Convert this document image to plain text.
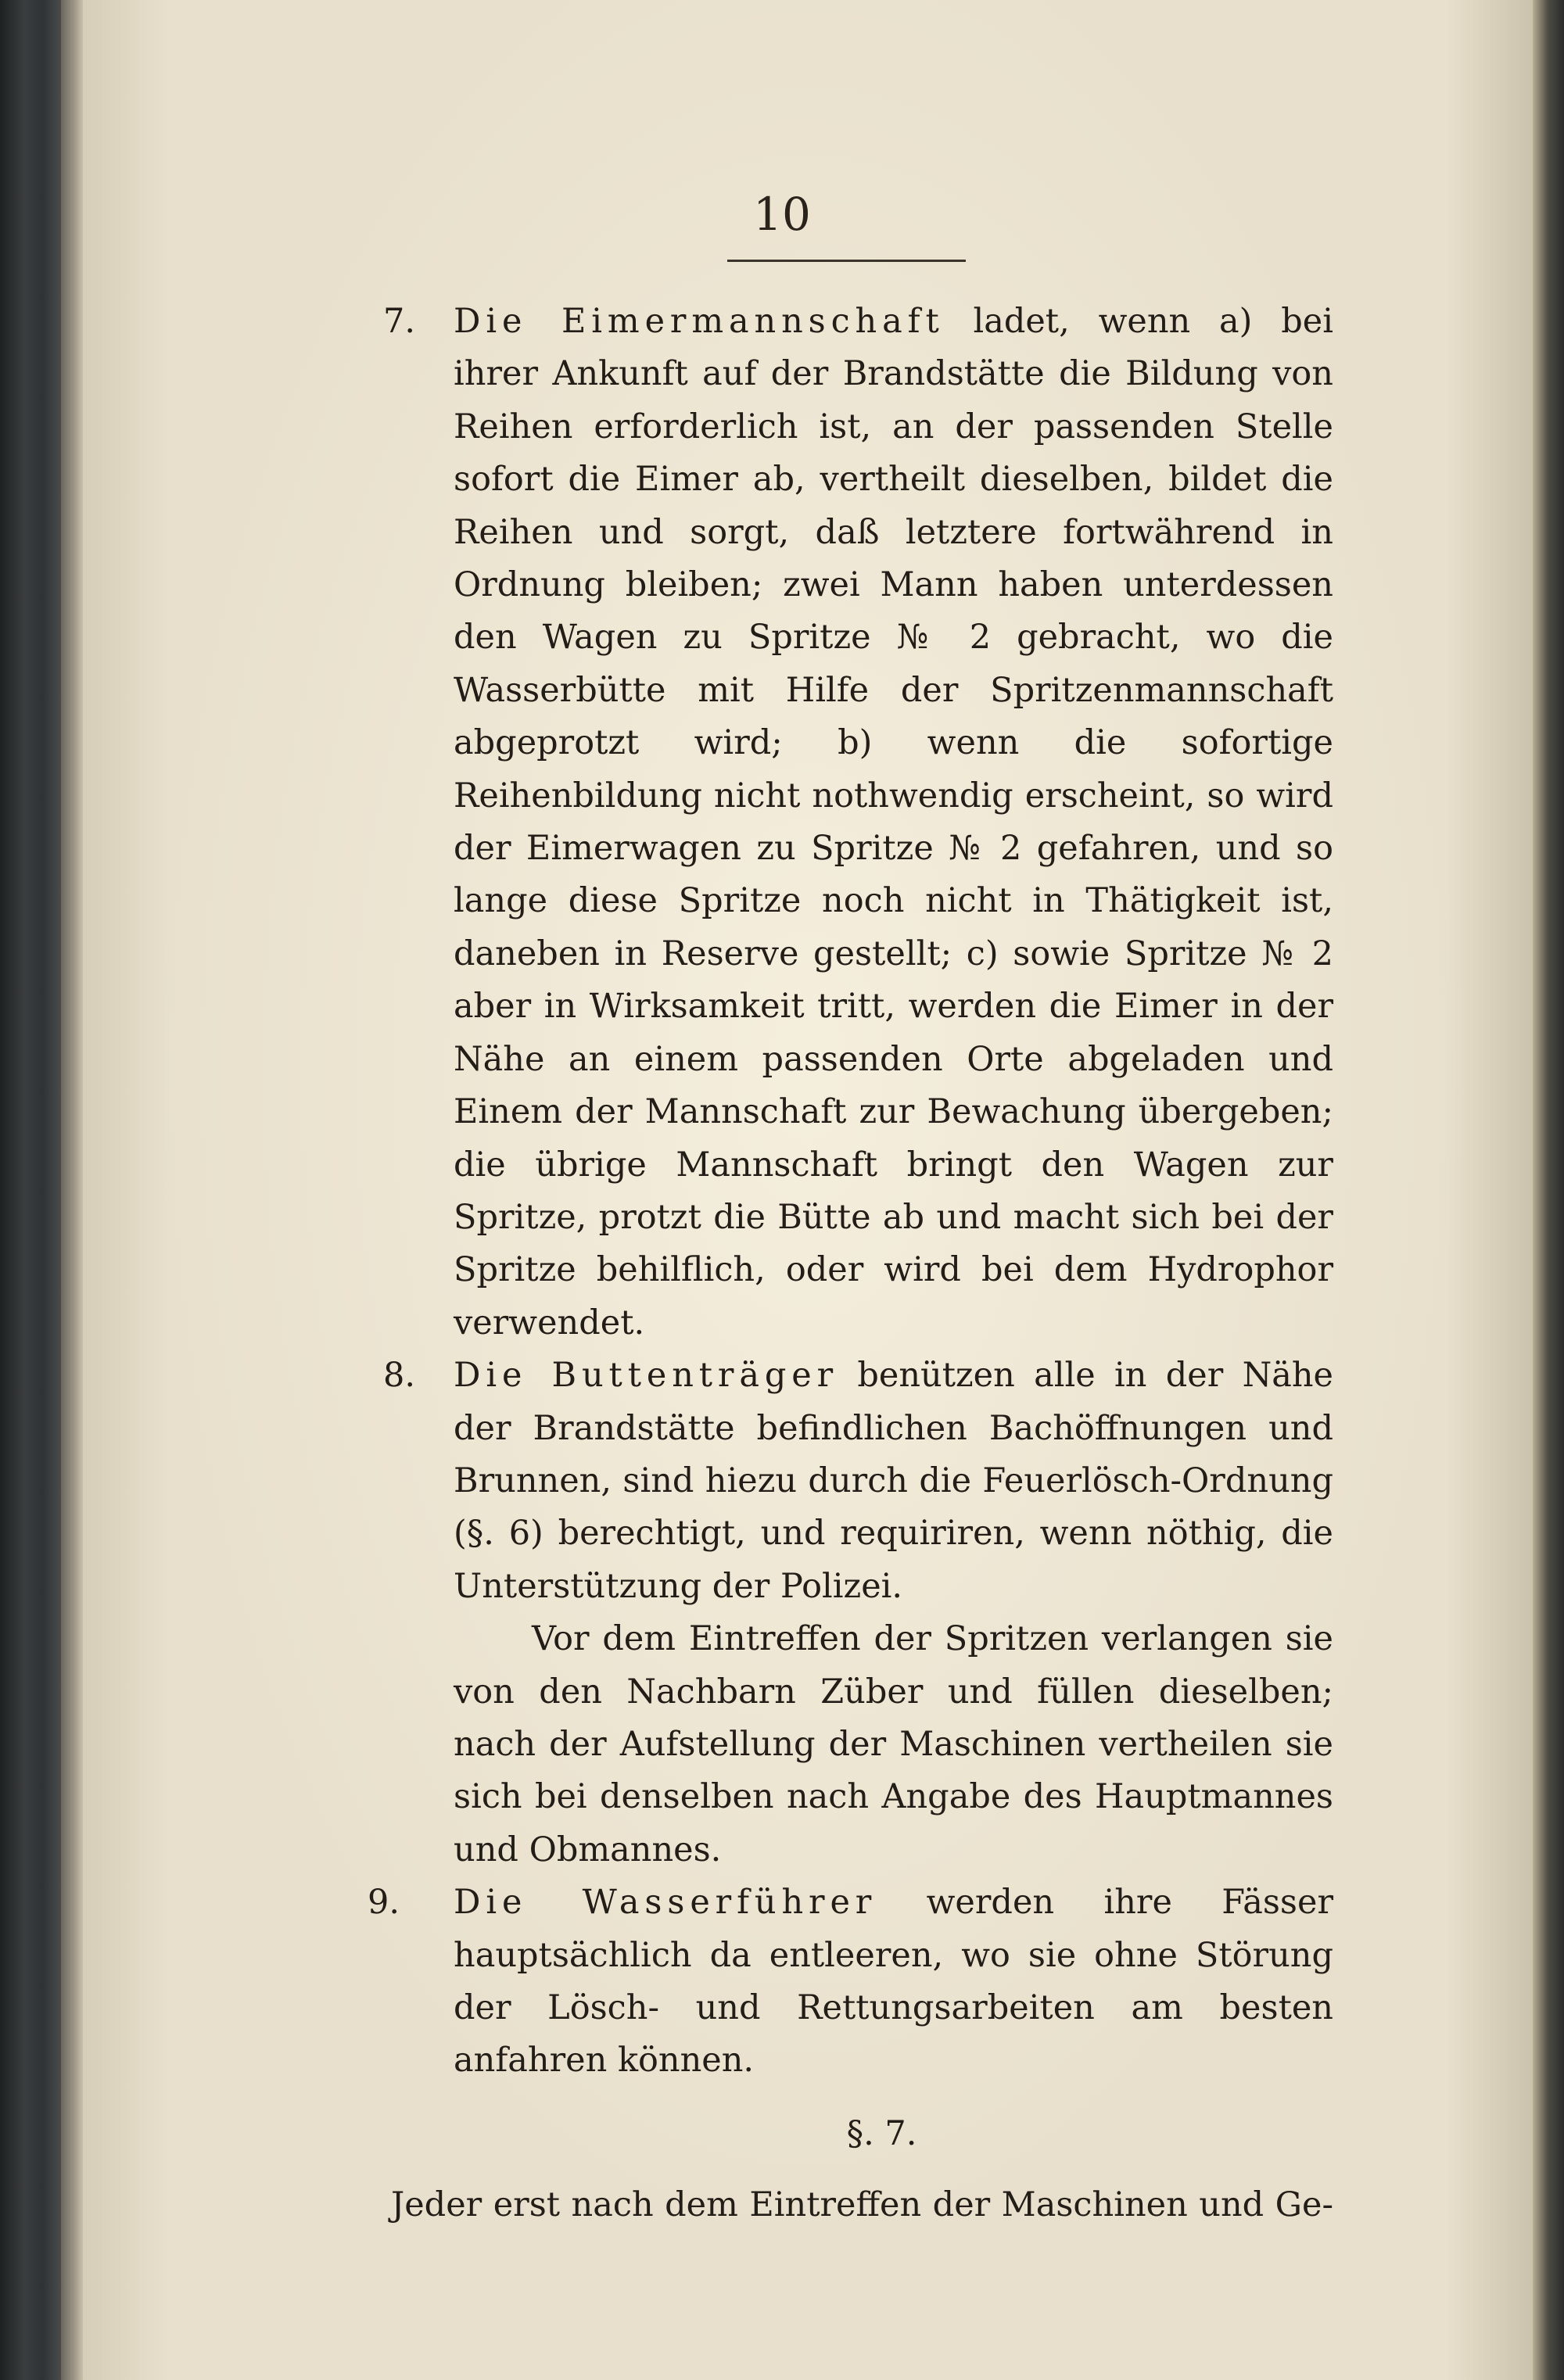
10
7.	Die Eimermannschaft ladet, wenn a) bei ihrer Ankunft auf der Brandstätte die Bildung von Reihen erforderlich ist, an der passenden Stelle sofort die Eimer ab, vertheilt dieselben, bildet die Reihen und sorgt, daß letztere fortwährend in Ordnung bleiben; zwei Mann haben unterdessen den Wagen zu Spritze № 2 gebracht, wo die Wasserbütte mit Hilfe der Spritzenmannschaft abgeprotzt wird; b) wenn die sofortige Reihenbildung nicht nothwendig erscheint, so wird der Eimerwagen zu Spritze № 2 gefahren, und so lange diese Spritze noch nicht in Thätigkeit ist, daneben in Reserve gestellt; c) sowie Spritze № 2 aber in Wirksamkeit tritt, werden die Eimer in der Nähe an einem passenden Orte abgeladen und Einem der Mannschaft zur Bewachung übergeben; die übrige Mannschaft bringt den Wagen zur Spritze, protzt die Bütte ab und macht sich bei der Spritze behilflich, oder wird bei dem Hydrophor verwendet.
8.	Die Buttenträger benützen alle in der Nähe der Brandstätte befindlichen Bachöffnungen und Brunnen, sind hiezu durch die Feuerlösch-Ordnung (§. 6) berechtigt, und requiriren, wenn nöthig, die Unterstützung der Polizei.
Vor dem Eintreffen der Spritzen verlangen sie von den Nachbarn Züber und füllen dieselben; nach der Aufstellung der Maschinen vertheilen sie sich bei denselben nach Angabe des Hauptmannes und Obmannes.
9.	Die Wasserführer werden ihre Fässer hauptsächlich da entleeren, wo sie ohne Störung der Lösch- und Rettungsarbeiten am besten anfahren können.
§. 7.
Jeder erst nach dem Eintreffen der Maschinen und Ge-
